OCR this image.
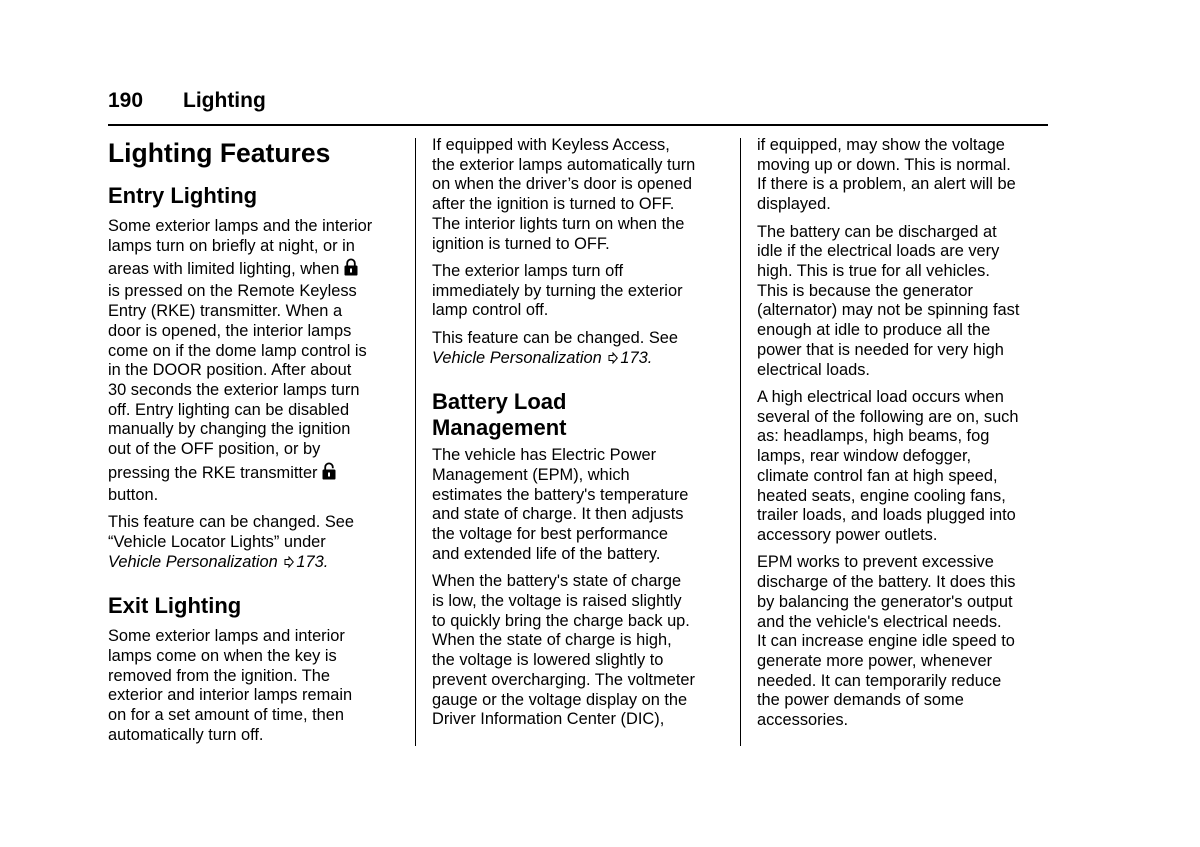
190 Lighting
Lighting Features
Entry Lighting

Some exterior lamps and the interior
lamps turn on briefly at night, or in
areas with limited lighting, when
is pressed on the Remote Keyless
Entry (RKE) transmitter. When a
door is opened, the interior lamps
come on if the dome lamp control is
in the DOOR position. After about
30 seconds the exterior lamps turn
off. Entry lighting can be disabled
manually by changing the ignition
out of the OFF position, or by
pressing the RKE transmitter
button.

This feature can be changed. See
“Vehicle Locator Lights” under
Vehicle Personalization 173.

Exit Lighting

Some exterior lamps and interior
lamps come on when the key is
removed from the ignition. The
exterior and interior lamps remain
on for a set amount of time, then
automatically turn off.

If equipped with Keyless Access,
the exterior lamps automatically turn
on when the driver’s door is opened
after the ignition is turned to OFF.
The interior lights turn on when the
ignition is turned to OFF.

The exterior lamps turn off
immediately by turning the exterior
lamp control off.

This feature can be changed. See
Vehicle Personalization 173.

Battery Load
Management

The vehicle has Electric Power
Management (EPM), which
estimates the battery's temperature
and state of charge. It then adjusts
the voltage for best performance
and extended life of the battery.

When the battery's state of charge
is low, the voltage is raised slightly
to quickly bring the charge back up.
When the state of charge is high,
the voltage is lowered slightly to
prevent overcharging. The voltmeter
gauge or the voltage display on the
Driver Information Center (DIC),

if equipped, may show the voltage
moving up or down. This is normal.
If there is a problem, an alert will be
displayed.

The battery can be discharged at
idle if the electrical loads are very
high. This is true for all vehicles.
This is because the generator
(alternator) may not be spinning fast
enough at idle to produce all the
power that is needed for very high
electrical loads.

A high electrical load occurs when
several of the following are on, such
as: headlamps, high beams, fog
lamps, rear window defogger,
climate control fan at high speed,
heated seats, engine cooling fans,
trailer loads, and loads plugged into
accessory power outlets.

EPM works to prevent excessive
discharge of the battery. It does this
by balancing the generator's output
and the vehicle's electrical needs.
It can increase engine idle speed to
generate more power, whenever
needed. It can temporarily reduce
the power demands of some
accessories.
